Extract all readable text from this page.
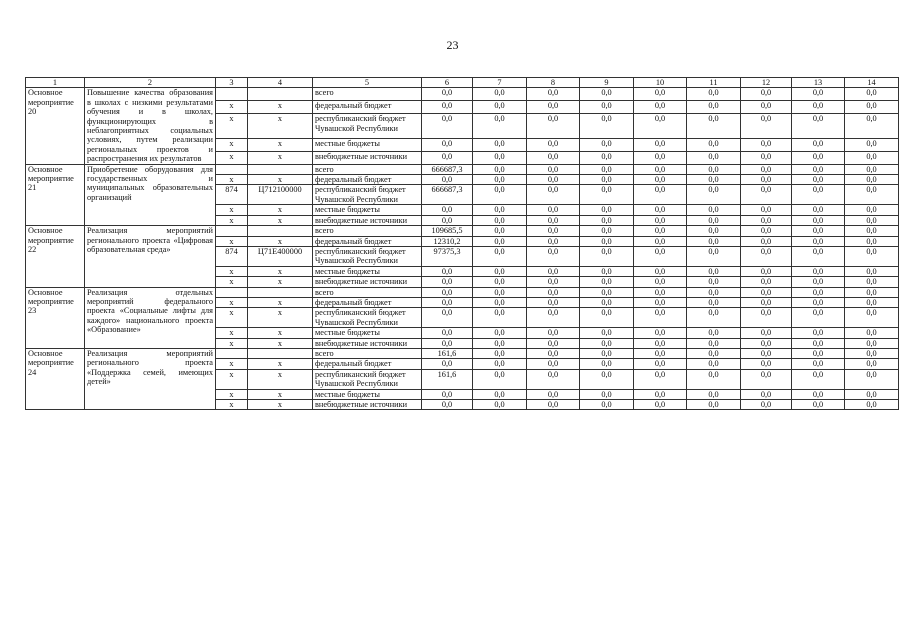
23
1	2	3	4	5	6	7	8	9	10	11	12	13	14
Основное мероприятие 20	Повышение качества образования в школах с низкими результатами обучения и в школах, функционирующих в неблагоприятных социальных условиях, путем реализации региональных проектов и распространения их результатов			всего	0,0	0,0	0,0	0,0	0,0	0,0	0,0	0,0	0,0
		x	x	федеральный бюджет	0,0	0,0	0,0	0,0	0,0	0,0	0,0	0,0	0,0
		x	x	республиканский бюджет Чувашской Республики	0,0	0,0	0,0	0,0	0,0	0,0	0,0	0,0	0,0
		x	x	местные бюджеты	0,0	0,0	0,0	0,0	0,0	0,0	0,0	0,0	0,0
		x	x	внебюджетные источники	0,0	0,0	0,0	0,0	0,0	0,0	0,0	0,0	0,0
Основное мероприятие 21	Приобретение оборудования для государственных и муниципальных образовательных организаций			всего	666687,3	0,0	0,0	0,0	0,0	0,0	0,0	0,0	0,0
		x	x	федеральный бюджет	0,0	0,0	0,0	0,0	0,0	0,0	0,0	0,0	0,0
		874	Ц712100000	республиканский бюджет Чувашской Республики	666687,3	0,0	0,0	0,0	0,0	0,0	0,0	0,0	0,0
		x	x	местные бюджеты	0,0	0,0	0,0	0,0	0,0	0,0	0,0	0,0	0,0
		x	x	внебюджетные источники	0,0	0,0	0,0	0,0	0,0	0,0	0,0	0,0	0,0
Основное мероприятие 22	Реализация мероприятий регионального проекта «Цифровая образовательная среда»			всего	109685,5	0,0	0,0	0,0	0,0	0,0	0,0	0,0	0,0
		x	x	федеральный бюджет	12310,2	0,0	0,0	0,0	0,0	0,0	0,0	0,0	0,0
		874	Ц71Е400000	республиканский бюджет Чувашской Республики	97375,3	0,0	0,0	0,0	0,0	0,0	0,0	0,0	0,0
		x	x	местные бюджеты	0,0	0,0	0,0	0,0	0,0	0,0	0,0	0,0	0,0
		x	x	внебюджетные источники	0,0	0,0	0,0	0,0	0,0	0,0	0,0	0,0	0,0
Основное мероприятие 23	Реализация отдельных мероприятий федерального проекта «Социальные лифты для каждого» национального проекта «Образование»			всего	0,0	0,0	0,0	0,0	0,0	0,0	0,0	0,0	0,0
		x	x	федеральный бюджет	0,0	0,0	0,0	0,0	0,0	0,0	0,0	0,0	0,0
		x	x	республиканский бюджет Чувашской Республики	0,0	0,0	0,0	0,0	0,0	0,0	0,0	0,0	0,0
		x	x	местные бюджеты	0,0	0,0	0,0	0,0	0,0	0,0	0,0	0,0	0,0
		x	x	внебюджетные источники	0,0	0,0	0,0	0,0	0,0	0,0	0,0	0,0	0,0
Основное мероприятие 24	Реализация мероприятий регионального проекта «Поддержка семей, имеющих детей»			всего	161,6	0,0	0,0	0,0	0,0	0,0	0,0	0,0	0,0
		x	x	федеральный бюджет	0,0	0,0	0,0	0,0	0,0	0,0	0,0	0,0	0,0
		x	x	республиканский бюджет Чувашской Республики	161,6	0,0	0,0	0,0	0,0	0,0	0,0	0,0	0,0
		x	x	местные бюджеты	0,0	0,0	0,0	0,0	0,0	0,0	0,0	0,0	0,0
		x	x	внебюджетные источники	0,0	0,0	0,0	0,0	0,0	0,0	0,0	0,0	0,0
